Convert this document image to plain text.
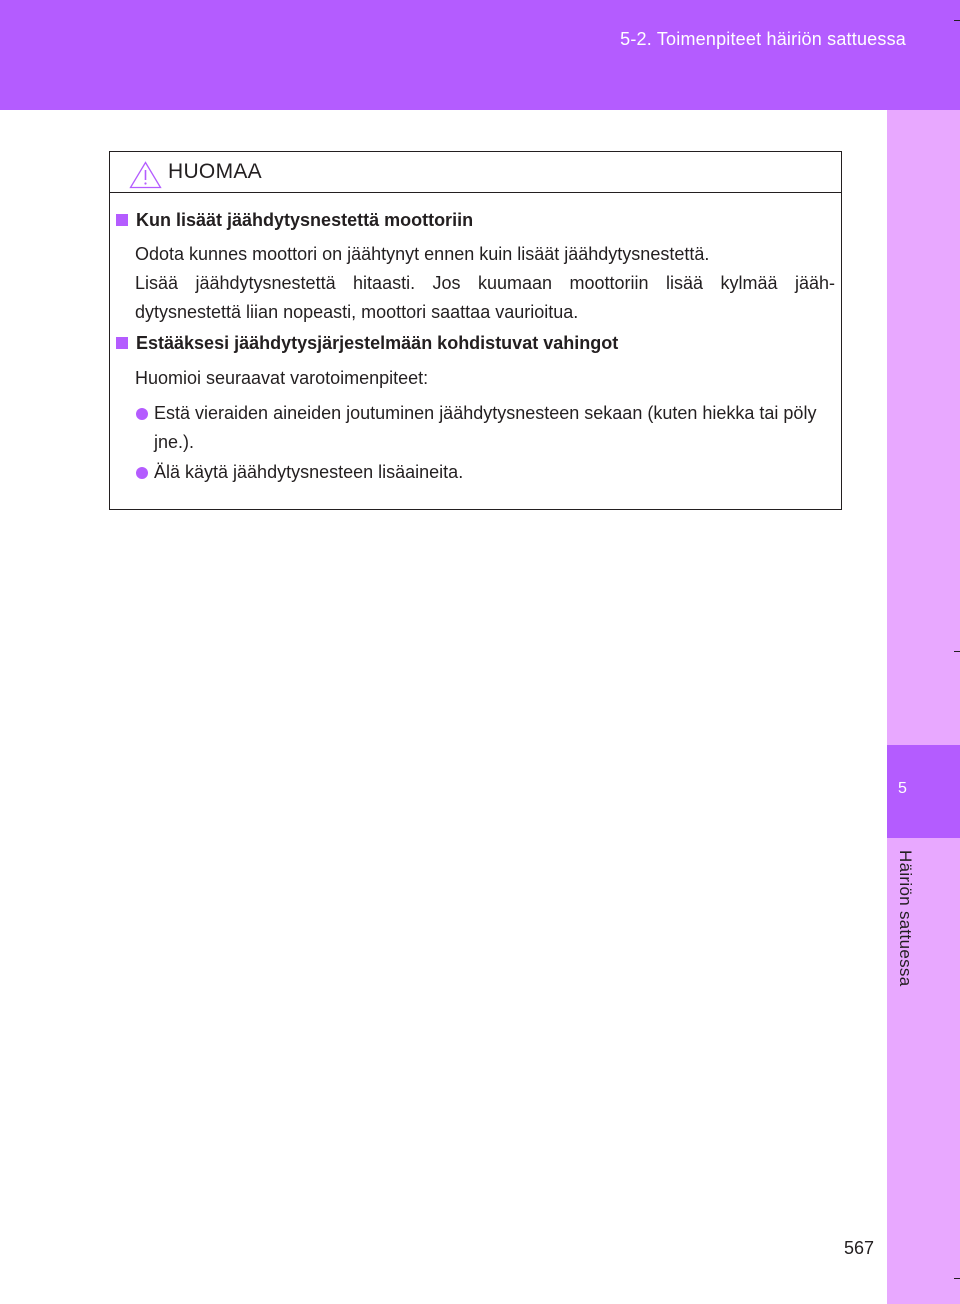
5-2. Toimenpiteet häiriön sattuessa
5
Häiriön sattuessa
HUOMAA
Kun lisäät jäähdytysnestettä moottoriin
Odota kunnes moottori on jäähtynyt ennen kuin lisäät jäähdytysnestettä.
Lisää jäähdytysnestettä hitaasti. Jos kuumaan moottoriin lisää kylmää jääh-
dytysnestettä liian nopeasti, moottori saattaa vaurioitua.
Estääksesi jäähdytysjärjestelmään kohdistuvat vahingot
Huomioi seuraavat varotoimenpiteet:
Estä vieraiden aineiden joutuminen jäähdytysnesteen sekaan (kuten hiekka tai pöly jne.).
Älä käytä jäähdytysnesteen lisäaineita.
567
